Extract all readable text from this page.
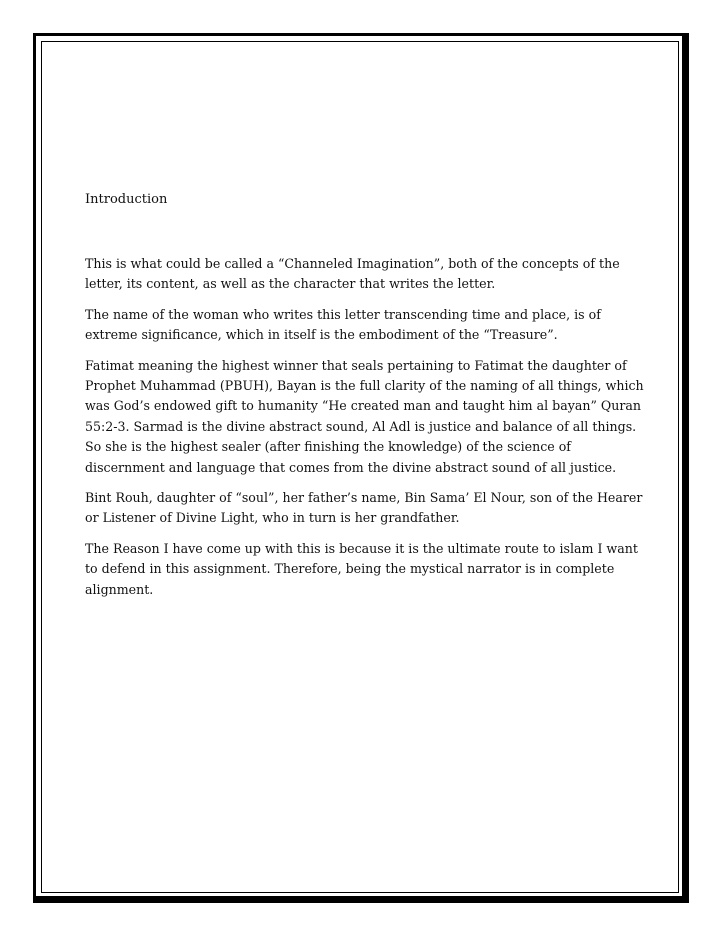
Introduction

This is what could be called a “Channeled Imagination”, both of the concepts of the letter, its content, as well as the character that writes the letter.

The name of the woman who writes this letter transcending time and place, is of extreme significance, which in itself is the embodiment of the “Treasure”.

Fatimat meaning the highest winner that seals pertaining to Fatimat the daughter of Prophet Muhammad (PBUH), Bayan is the full clarity of the naming of all things, which was God’s endowed gift to humanity “He created man and taught him al bayan” Quran 55:2-3. Sarmad is the divine abstract sound, Al Adl is justice and balance of all things. So she is the highest sealer (after finishing the knowledge) of the science of discernment and language that comes from the divine abstract sound of all justice.

Bint Rouh, daughter of “soul”, her father’s name, Bin Sama’ El Nour, son of the Hearer or Listener of Divine Light, who in turn is her grandfather.

The Reason I have come up with this is because it is the ultimate route to islam I want to defend in this assignment. Therefore, being the mystical narrator is in complete alignment.
